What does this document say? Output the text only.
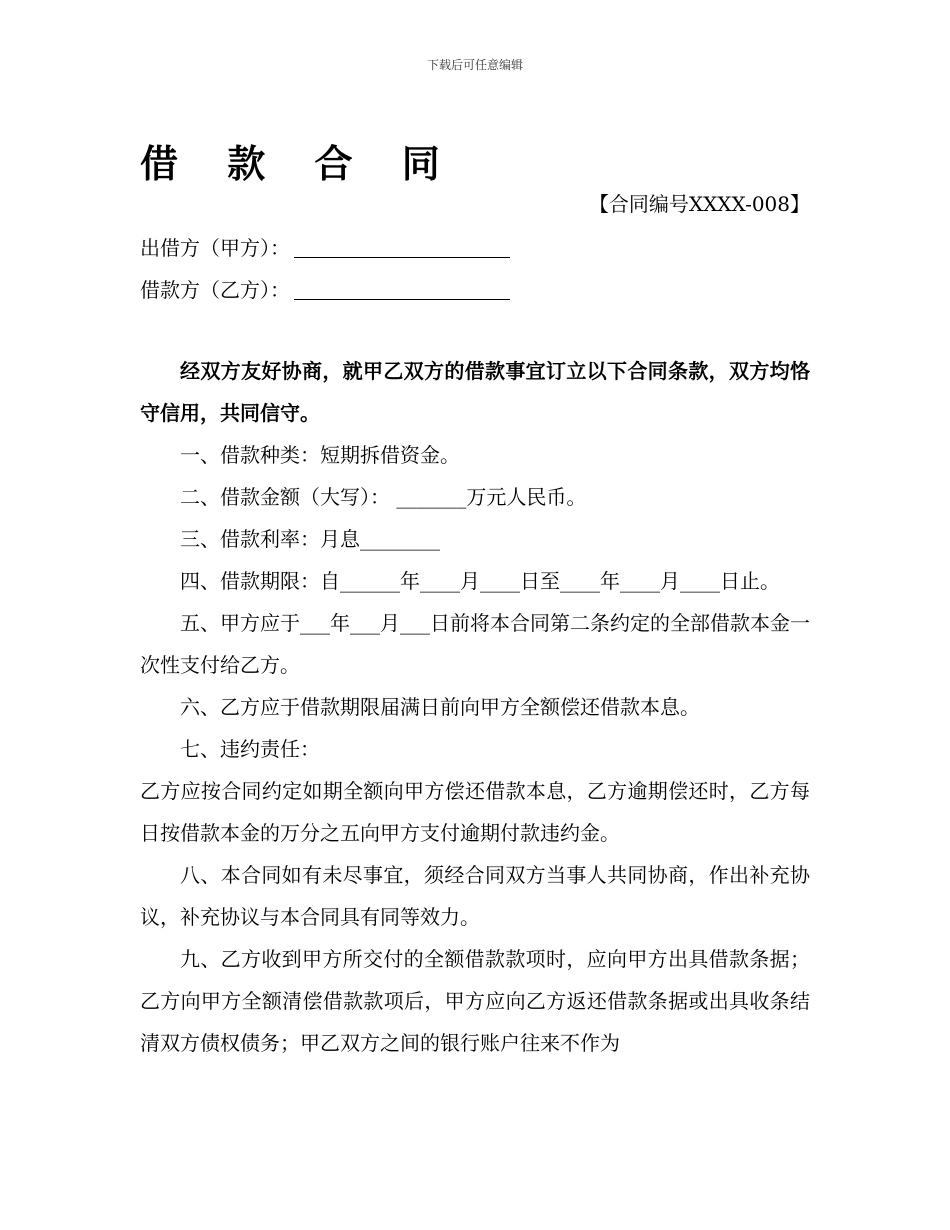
下载后可任意编辑
借 款 合 同
【合同编号XXXX-008】
出借方（甲方）：
借款方（乙方）：

经双方友好协商，就甲乙双方的借款事宜订立以下合同条款，双方均恪守信用，共同信守。

一、借款种类：短期拆借资金。

二、借款金额（大写）： _______万元人民币。

三、借款利率：月息________

四、借款期限：自______年____月____日至____年____月____日止。

五、甲方应于___年___月___日前将本合同第二条约定的全部借款本金一次性支付给乙方。

六、乙方应于借款期限届满日前向甲方全额偿还借款本息。

七、违约责任：

乙方应按合同约定如期全额向甲方偿还借款本息，乙方逾期偿还时，乙方每日按借款本金的万分之五向甲方支付逾期付款违约金。

八、本合同如有未尽事宜，须经合同双方当事人共同协商，作出补充协议，补充协议与本合同具有同等效力。

九、乙方收到甲方所交付的全额借款款项时，应向甲方出具借款条据；乙方向甲方全额清偿借款款项后，甲方应向乙方返还借款条据或出具收条结清双方债权债务；甲乙双方之间的银行账户往来不作为
